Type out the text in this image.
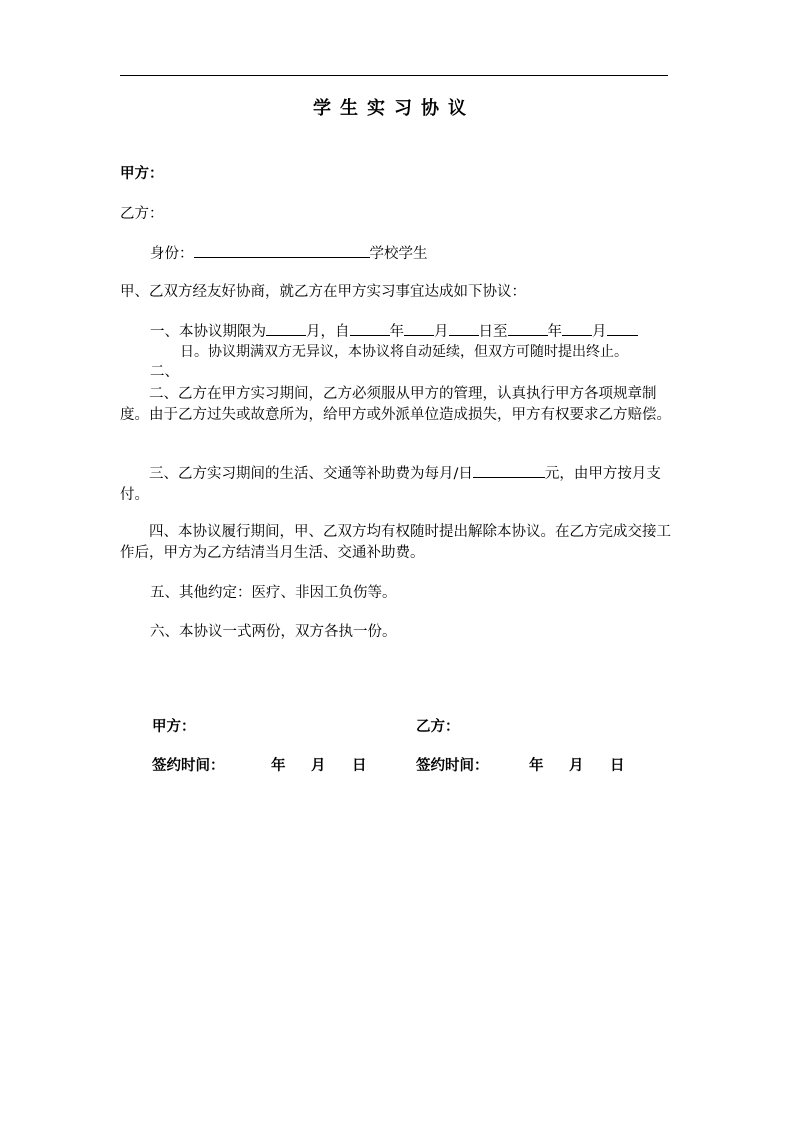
学生实习协议
甲方：
乙方：
身份：	学校学生
甲、乙双方经友好协商，就乙方在甲方实习事宜达成如下协议：
一、本协议期限为	月，自	年 月 日至	年 月
日。协议期满双方无异议，本协议将自动延续，但双方可随时提出终止。
二、
二、乙方在甲方实习期间，乙方必须服从甲方的管理，认真执行甲方各项规章制度。由于乙方过失或故意所为，给甲方或外派单位造成损失，甲方有权要求乙方赔偿。
三、乙方实习期间的生活、交通等补助费为每月/日	元，由甲方按月支付。
四、本协议履行期间，甲、乙双方均有权随时提出解除本协议。在乙方完成交接工作后，甲方为乙方结清当月生活、交通补助费。
五、其他约定：医疗、非因工负伤等。
六、本协议一式两份，双方各执一份。
甲方：	乙方：
签约时间：	年 月 日	签约时间：	年 月 日
